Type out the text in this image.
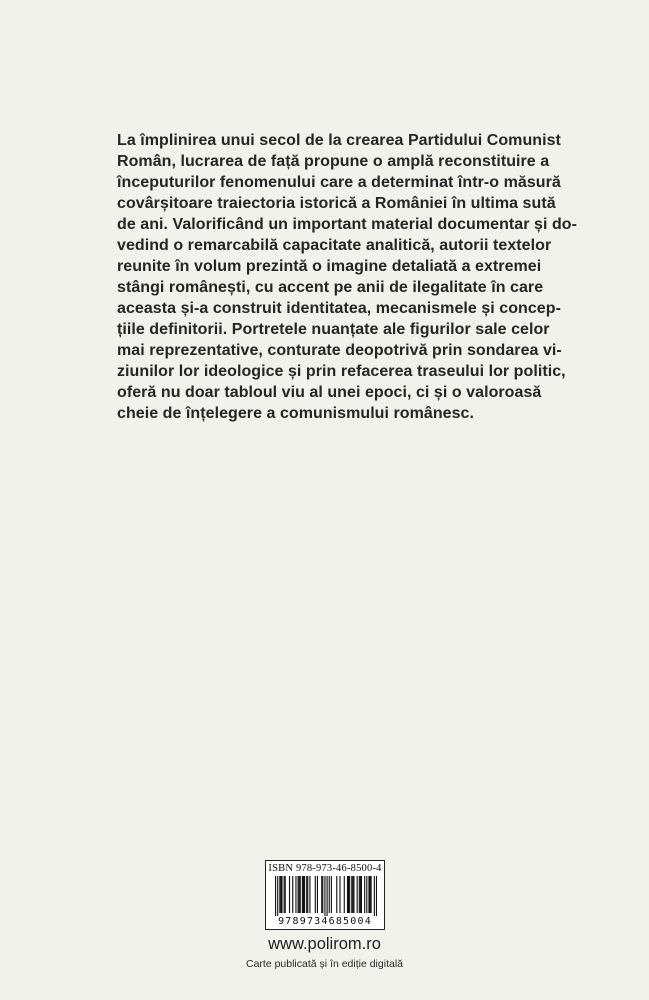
La împlinirea unui secol de la crearea Partidului Comunist
Român, lucrarea de față propune o amplă reconstituire a
începuturilor fenomenului care a determinat într-o măsură
covârșitoare traiectoria istorică a României în ultima sută
de ani. Valorificând un important material documentar și do-
vedind o remarcabilă capacitate analitică, autorii textelor
reunite în volum prezintă o imagine detaliată a extremei
stângi românești, cu accent pe anii de ilegalitate în care
aceasta și-a construit identitatea, mecanismele și concep-
țiile definitorii. Portretele nuanțate ale figurilor sale celor
mai reprezentative, conturate deopotrivă prin sondarea vi-
ziunilor lor ideologice și prin refacerea traseului lor politic,
oferă nu doar tabloul viu al unei epoci, ci și o valoroasă
cheie de înțelegere a comunismului românesc.
ISBN 978-973-46-8500-4
9789734685004
www.polirom.ro
Carte publicată și în ediție digitală
